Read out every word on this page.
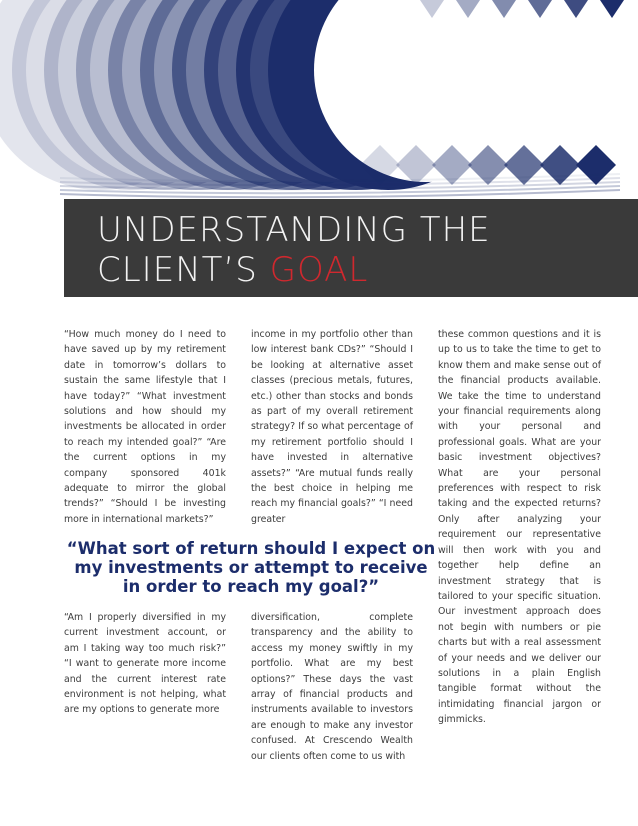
UNDERSTANDING THE
CLIENT’S GOAL

“How much money do I need to have saved up by my retirement date in tomorrow’s dollars to sustain the same lifestyle that I have today?” “What investment solutions and how should my investments be allocated in order to reach my intended goal?” “Are the current options in my company sponsored 401k adequate to mirror the global trends?” “Should I be investing more in international markets?”

“Am I properly diversified in my current investment account, or am I taking way too much risk?” “I want to generate more income and the current interest rate environment is not helping, what are my options to generate more

income in my portfolio other than low interest bank CDs?” “Should I be looking at alternative asset classes (precious metals, futures, etc.) other than stocks and bonds as part of my overall retirement strategy? If so what percentage of my retirement portfolio should I have invested in alternative assets?” “Are mutual funds really the best choice in helping me reach my financial goals?” “I need greater

diversification, complete transparency and the ability to access my money swiftly in my portfolio. What are my best options?” These days the vast array of financial products and instruments available to investors are enough to make any investor confused. At Crescendo Wealth our clients often come to us with

these common questions and it is up to us to take the time to get to know them and make sense out of the financial products available. We take the time to understand your financial requirements along with your personal and professional goals. What are your basic investment objectives? What are your personal preferences with respect to risk taking and the expected returns? Only after analyzing your requirement our representative will then work with you and together help define an investment strategy that is tailored to your specific situation. Our investment approach does not begin with numbers or pie charts but with a real assessment of your needs and we deliver our solutions in a plain English tangible format without the intimidating financial jargon or gimmicks.

“What sort of return should I expect on my investments or attempt to receive in order to reach my goal?”
